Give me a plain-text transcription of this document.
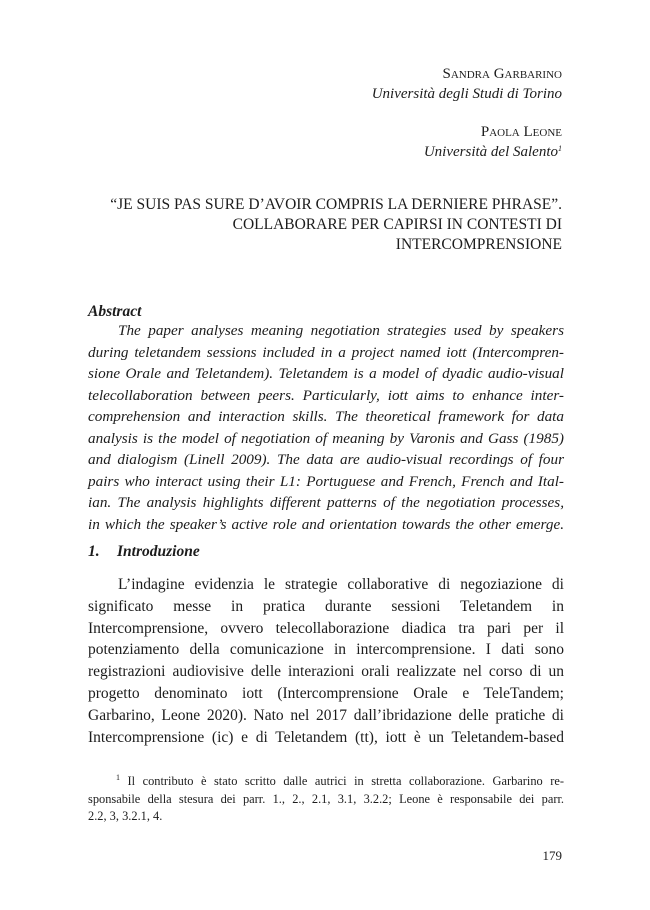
Sandra Garbarino
Università degli Studi di Torino
Paola Leone
Università del Salento$^1$
“JE SUIS PAS SURE D’AVOIR COMPRIS LA DERNIERE PHRASE”.
COLLABORARE PER CAPIRSI IN CONTESTI DI
INTERCOMPRENSIONE
Abstract
The paper analyses meaning negotiation strategies used by speakers
during teletandem sessions included in a project named iott (Intercompren-
sione Orale and Teletandem). Teletandem is a model of dyadic audio-visual
telecollaboration between peers. Particularly, iott aims to enhance inter-
comprehension and interaction skills. The theoretical framework for data
analysis is the model of negotiation of meaning by Varonis and Gass (1985)
and dialogism (Linell 2009). The data are audio-visual recordings of four
pairs who interact using their L1: Portuguese and French, French and Ital-
ian. The analysis highlights different patterns of the negotiation processes,
in which the speaker’s active role and orientation towards the other emerge.
1. Introduzione
L’indagine evidenzia le strategie collaborative di negoziazione di
significato messe in pratica durante sessioni Teletandem in
Intercomprensione, ovvero telecollaborazione diadica tra pari per il
potenziamento della comunicazione in intercomprensione. I dati sono
registrazioni audiovisive delle interazioni orali realizzate nel corso di un
progetto denominato iott (Intercomprensione Orale e TeleTandem;
Garbarino, Leone 2020). Nato nel 2017 dall’ibridazione delle pratiche di
Intercomprensione (ic) e di Teletandem (tt), iott è un Teletandem-based
$^1$ Il contributo è stato scritto dalle autrici in stretta collaborazione. Garbarino re-
sponsabile della stesura dei parr. 1., 2., 2.1, 3.1, 3.2.2; Leone è responsabile dei parr.
2.2, 3, 3.2.1, 4.
179
